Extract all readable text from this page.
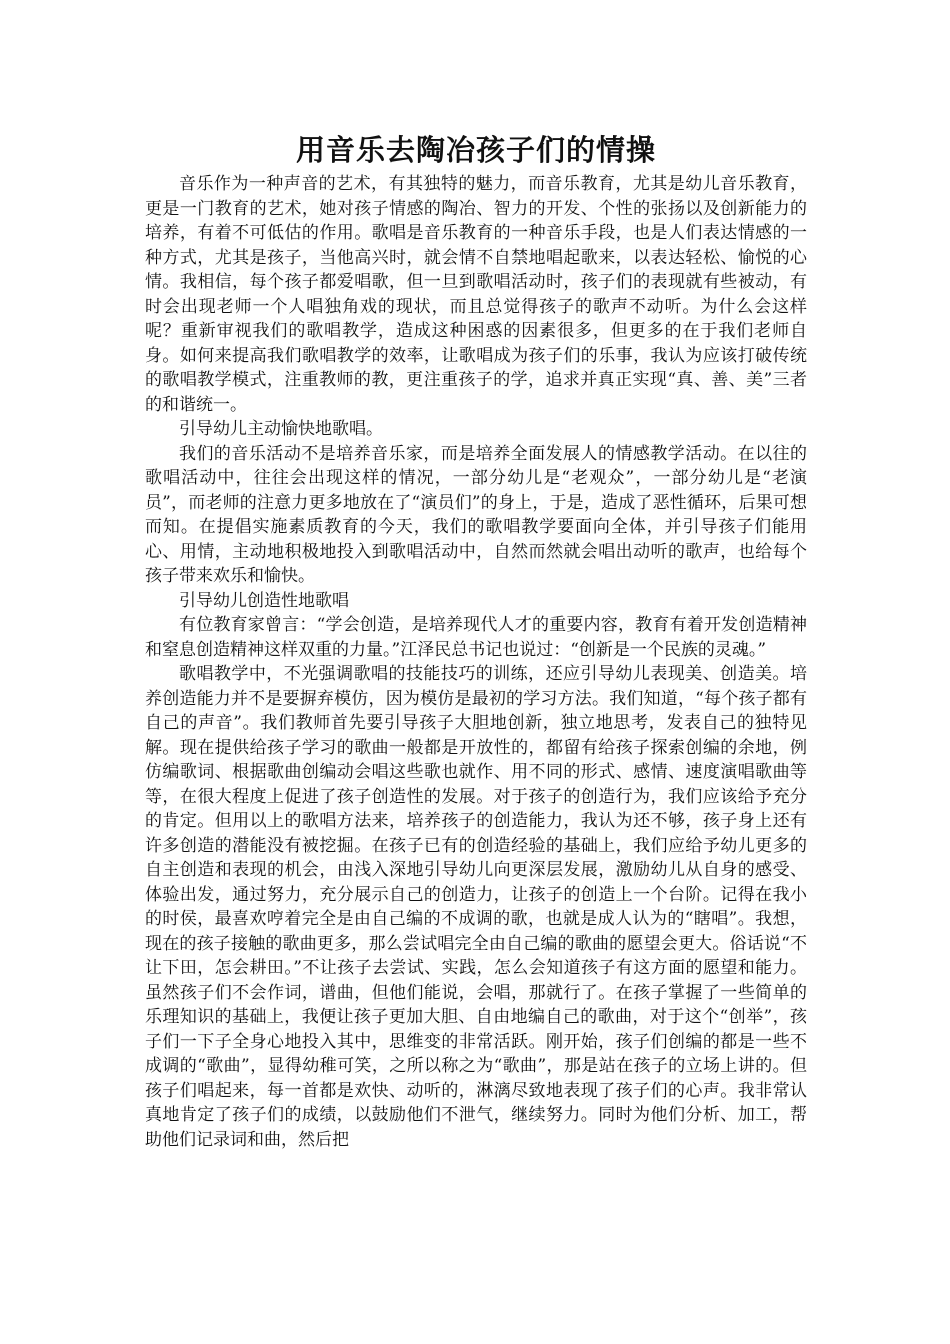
用音乐去陶冶孩子们的情操

音乐作为一种声音的艺术，有其独特的魅力，而音乐教育，尤其是幼儿音乐教育，更是一门教育的艺术，她对孩子情感的陶冶、智力的开发、个性的张扬以及创新能力的培养，有着不可低估的作用。歌唱是音乐教育的一种音乐手段，也是人们表达情感的一种方式，尤其是孩子，当他高兴时，就会情不自禁地唱起歌来，以表达轻松、愉悦的心情。我相信，每个孩子都爱唱歌，但一旦到歌唱活动时，孩子们的表现就有些被动，有时会出现老师一个人唱独角戏的现状，而且总觉得孩子的歌声不动听。为什么会这样呢？重新审视我们的歌唱教学，造成这种困惑的因素很多，但更多的在于我们老师自身。如何来提高我们歌唱教学的效率，让歌唱成为孩子们的乐事，我认为应该打破传统的歌唱教学模式，注重教师的教，更注重孩子的学，追求并真正实现“真、善、美”三者的和谐统一。

引导幼儿主动愉快地歌唱。

我们的音乐活动不是培养音乐家，而是培养全面发展人的情感教学活动。在以往的歌唱活动中，往往会出现这样的情况，一部分幼儿是“老观众”，一部分幼儿是“老演员”，而老师的注意力更多地放在了“演员们”的身上，于是，造成了恶性循环，后果可想而知。在提倡实施素质教育的今天，我们的歌唱教学要面向全体，并引导孩子们能用心、用情，主动地积极地投入到歌唱活动中，自然而然就会唱出动听的歌声，也给每个孩子带来欢乐和愉快。

引导幼儿创造性地歌唱

有位教育家曾言：“学会创造，是培养现代人才的重要内容，教育有着开发创造精神和窒息创造精神这样双重的力量。”江泽民总书记也说过：“创新是一个民族的灵魂。”

歌唱教学中，不光强调歌唱的技能技巧的训练，还应引导幼儿表现美、创造美。培养创造能力并不是要摒弃模仿，因为模仿是最初的学习方法。我们知道，“每个孩子都有自己的声音”。我们教师首先要引导孩子大胆地创新，独立地思考，发表自己的独特见解。现在提供给孩子学习的歌曲一般都是开放性的，都留有给孩子探索创编的余地，例仿编歌词、根据歌曲创编动会唱这些歌也就作、用不同的形式、感情、速度演唱歌曲等等，在很大程度上促进了孩子创造性的发展。对于孩子的创造行为，我们应该给予充分的肯定。但用以上的歌唱方法来，培养孩子的创造能力，我认为还不够，孩子身上还有许多创造的潜能没有被挖掘。在孩子已有的创造经验的基础上，我们应给予幼儿更多的自主创造和表现的机会，由浅入深地引导幼儿向更深层发展，激励幼儿从自身的感受、体验出发，通过努力，充分展示自己的创造力，让孩子的创造上一个台阶。记得在我小的时侯，最喜欢哼着完全是由自己编的不成调的歌，也就是成人认为的“瞎唱”。我想，现在的孩子接触的歌曲更多，那么尝试唱完全由自己编的歌曲的愿望会更大。俗话说“不让下田，怎会耕田。”不让孩子去尝试、实践，怎么会知道孩子有这方面的愿望和能力。虽然孩子们不会作词，谱曲，但他们能说，会唱，那就行了。在孩子掌握了一些简单的乐理知识的基础上，我便让孩子更加大胆、自由地编自己的歌曲，对于这个“创举”，孩子们一下子全身心地投入其中，思维变的非常活跃。刚开始，孩子们创编的都是一些不成调的“歌曲”，显得幼稚可笑，之所以称之为“歌曲”，那是站在孩子的立场上讲的。但孩子们唱起来，每一首都是欢快、动听的，淋漓尽致地表现了孩子们的心声。我非常认真地肯定了孩子们的成绩，以鼓励他们不泄气，继续努力。同时为他们分析、加工，帮助他们记录词和曲，然后把
